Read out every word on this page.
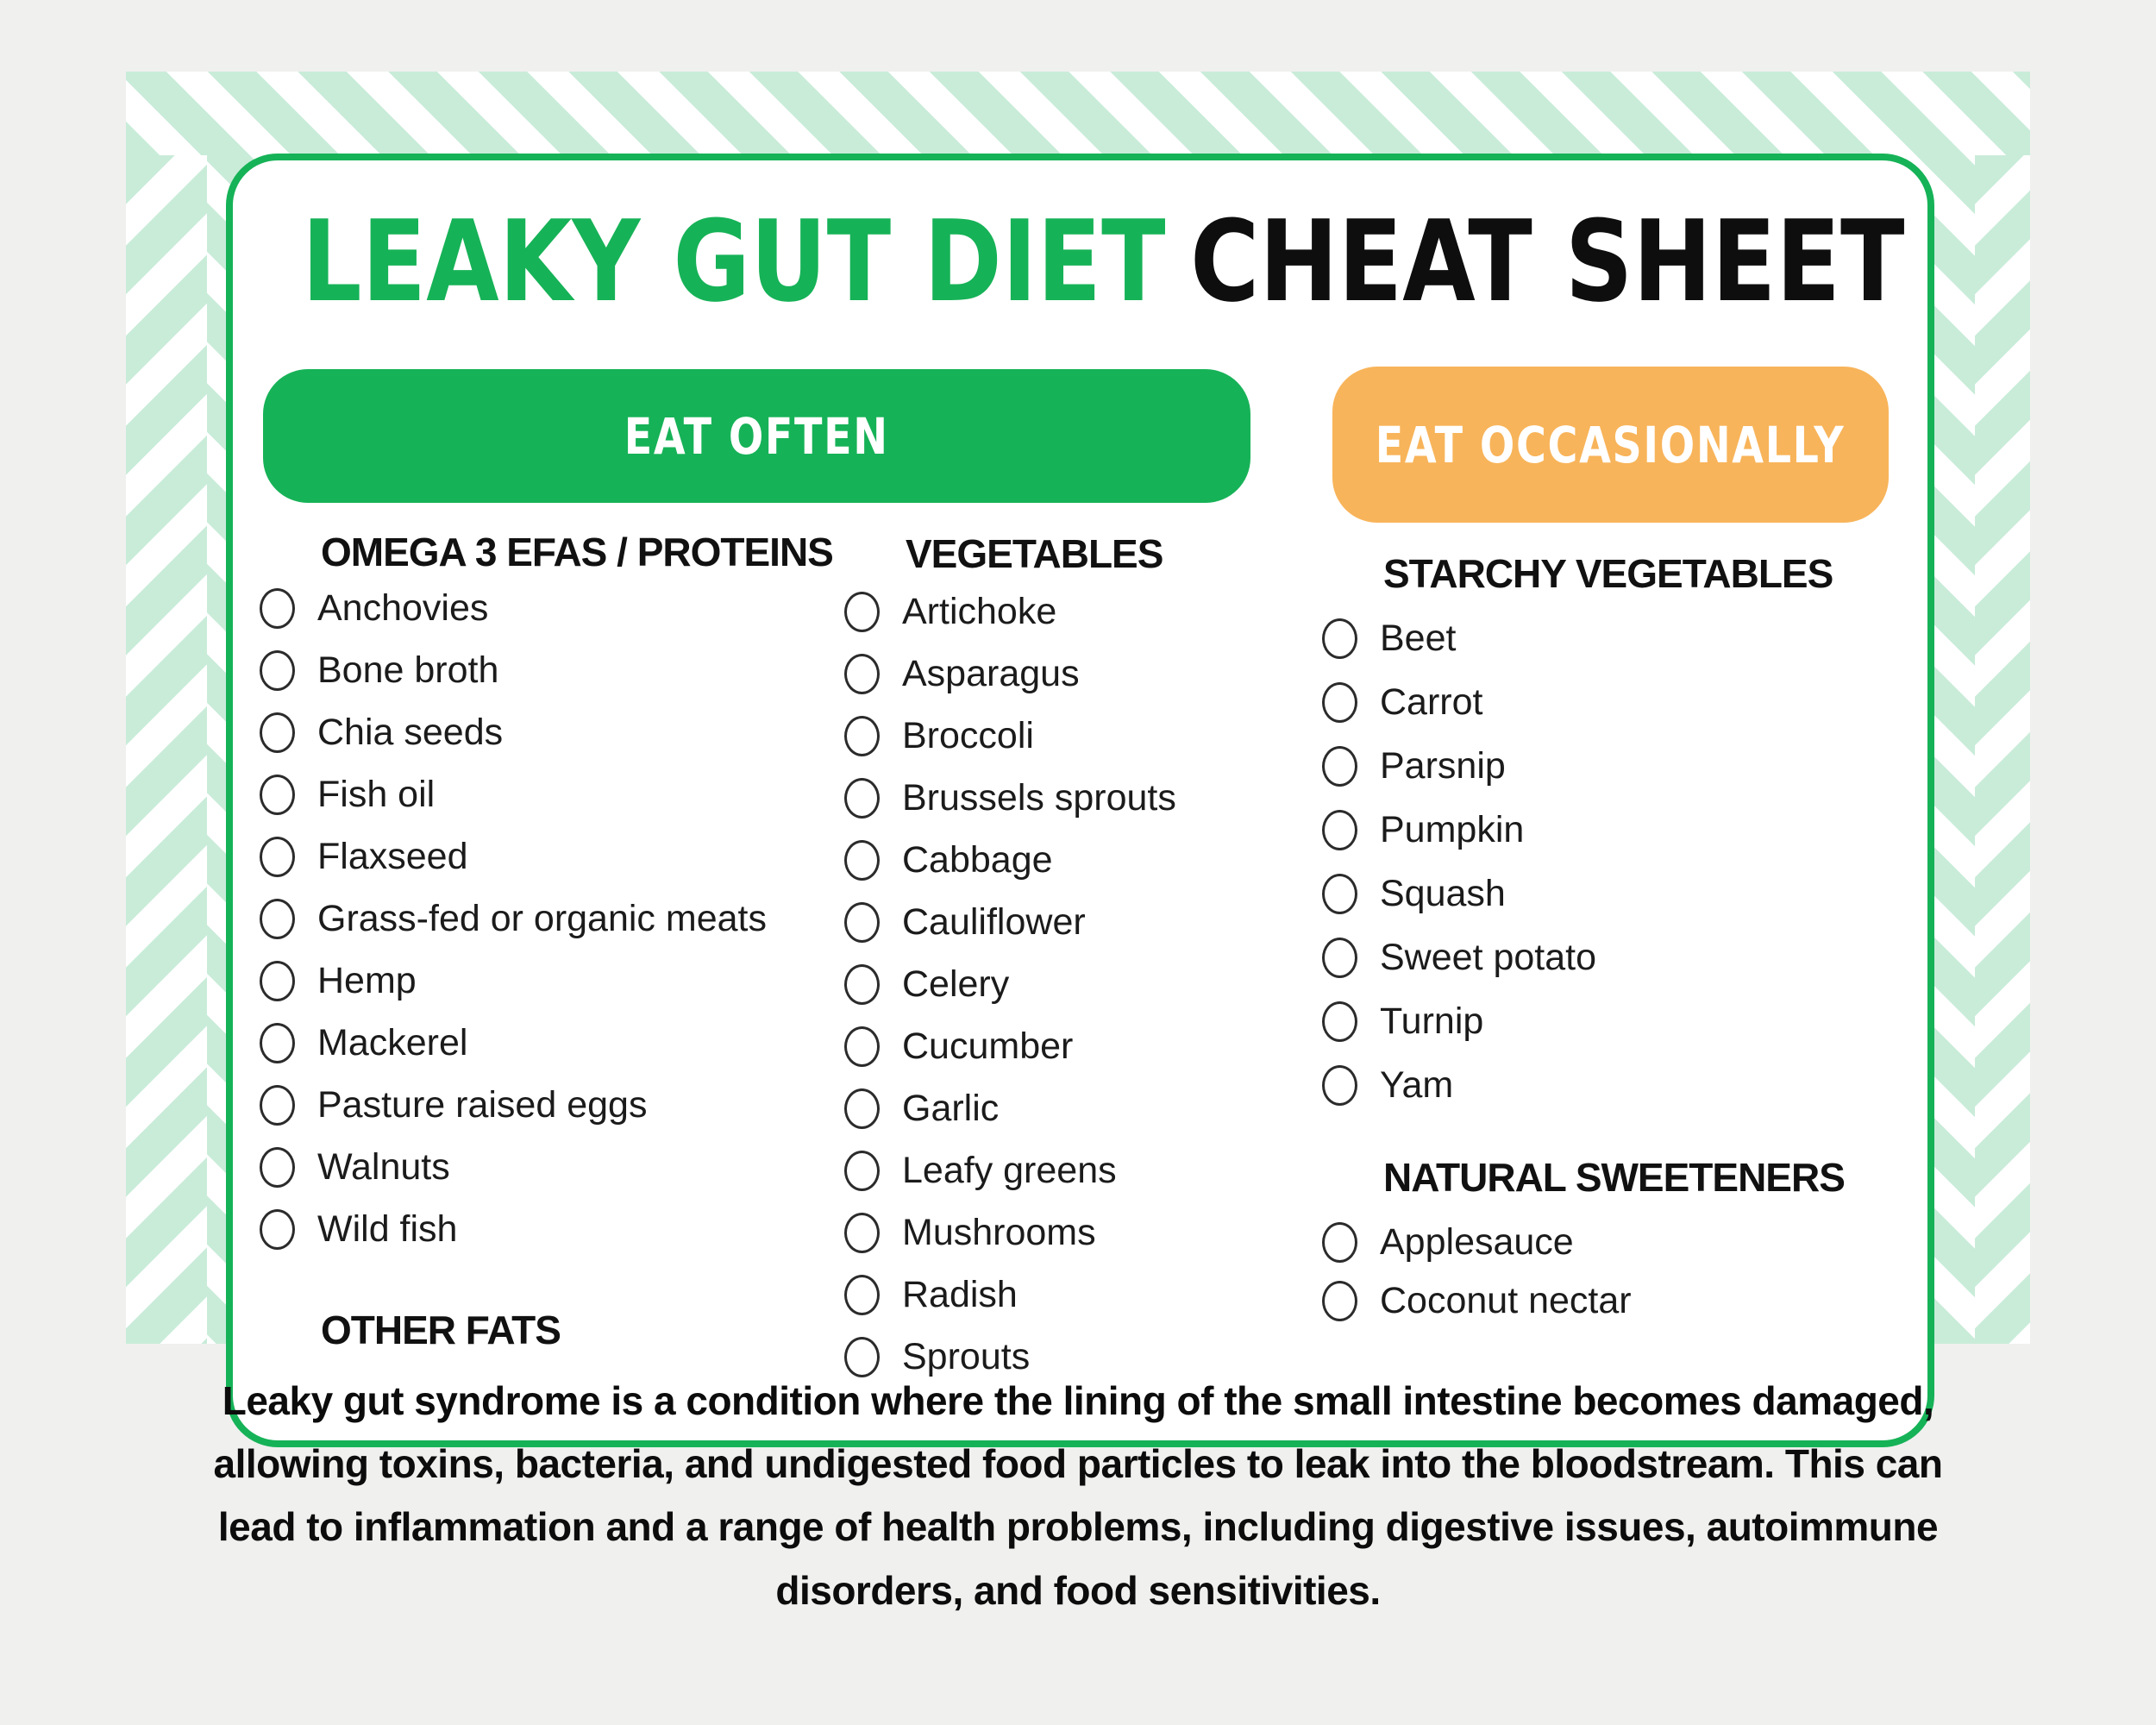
LEAKY GUT DIET CHEAT SHEET
EAT OFTEN	EAT OCCASIONALLY
OMEGA 3 EFAS / PROTEINS
Anchovies
Bone broth
Chia seeds
Fish oil
Flaxseed
Grass-fed or organic meats
Hemp
Mackerel
Pasture raised eggs
Walnuts
Wild fish
OTHER FATS
VEGETABLES
Artichoke
Asparagus
Broccoli
Brussels sprouts
Cabbage
Cauliflower
Celery
Cucumber
Garlic
Leafy greens
Mushrooms
Radish
Sprouts
STARCHY VEGETABLES
Beet
Carrot
Parsnip
Pumpkin
Squash
Sweet potato
Turnip
Yam
NATURAL SWEETENERS
Applesauce
Coconut nectar
Leaky gut syndrome is a condition where the lining of the small intestine becomes damaged,
allowing toxins, bacteria, and undigested food particles to leak into the bloodstream. This can
lead to inflammation and a range of health problems, including digestive issues, autoimmune
disorders, and food sensitivities.
